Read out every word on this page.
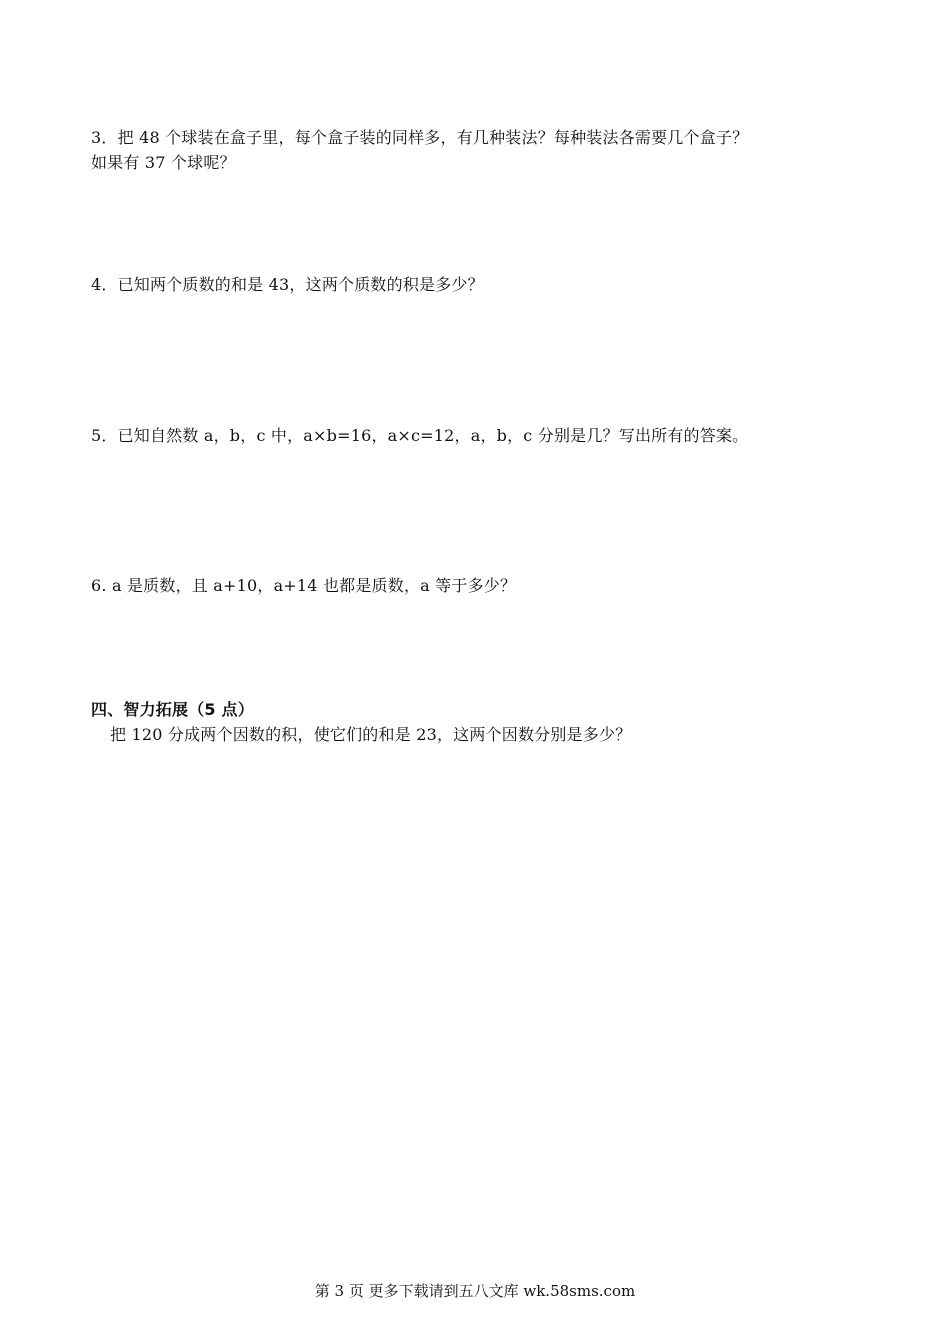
3．把 48 个球装在盒子里，每个盒子装的同样多，有几种装法？每种装法各需要几个盒子？
如果有 37 个球呢？
4．已知两个质数的和是 43，这两个质数的积是多少？
5．已知自然数 a，b，c 中，a×b=16，a×c=12，a，b，c 分别是几？写出所有的答案。
6. a 是质数，且 a+10，a+14 也都是质数，a 等于多少？
四、智力拓展（5 点）
把 120 分成两个因数的积，使它们的和是 23，这两个因数分别是多少？
第 3 页 更多下载请到五八文库 wk.58sms.com
